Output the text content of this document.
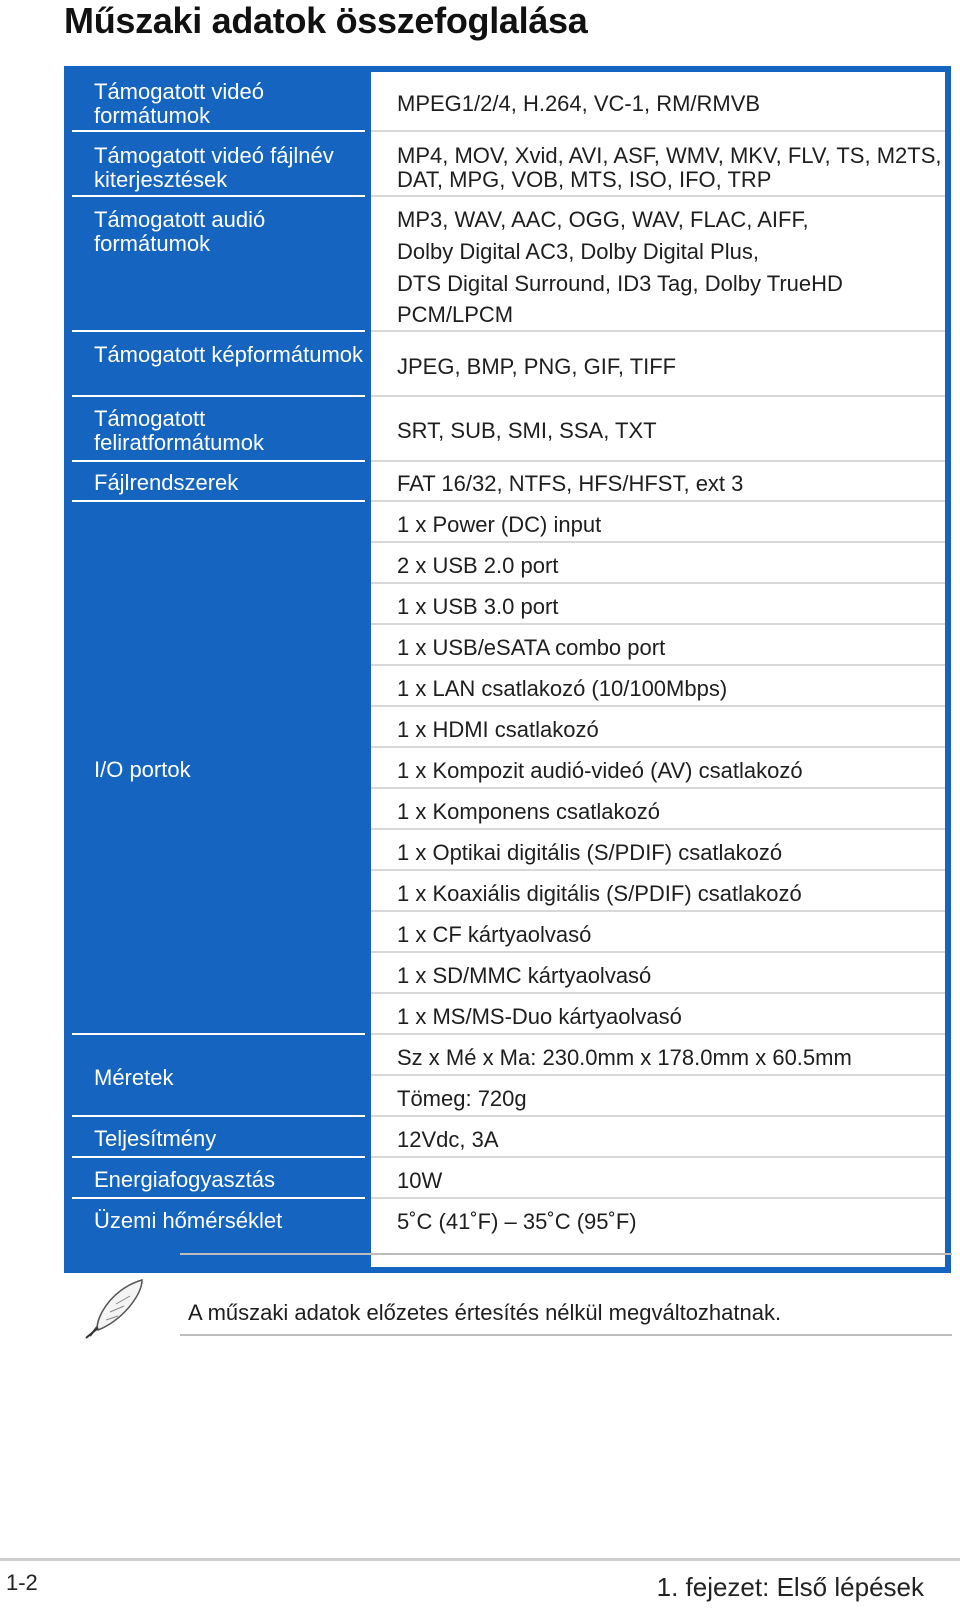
Műszaki adatok összefoglalása
Támogatott videó formátumok
Támogatott videó fájlnév kiterjesztések
Támogatott audió formátumok
Támogatott képformátumok
Támogatott feliratformátumok
Fájlrendszerek
I/O portok
Méretek
Teljesítmény
Energiafogyasztás
Üzemi hőmérséklet
MPEG1/2/4, H.264, VC-1, RM/RMVB
MP4, MOV, Xvid, AVI, ASF, WMV, MKV, FLV, TS, M2TS, DAT, MPG, VOB, MTS, ISO, IFO, TRP
MP3, WAV, AAC, OGG, WAV, FLAC, AIFF,
Dolby Digital AC3, Dolby Digital Plus,
DTS Digital Surround, ID3 Tag, Dolby TrueHD
PCM/LPCM
JPEG, BMP, PNG, GIF, TIFF
SRT, SUB, SMI, SSA, TXT
FAT 16/32, NTFS, HFS/HFST, ext 3
1 x Power (DC) input
2 x USB 2.0 port
1 x USB 3.0 port
1 x USB/eSATA combo port
1 x LAN csatlakozó (10/100Mbps)
1 x HDMI csatlakozó
1 x Kompozit audió-videó (AV) csatlakozó
1 x Komponens csatlakozó
1 x Optikai digitális (S/PDIF) csatlakozó
1 x Koaxiális digitális (S/PDIF) csatlakozó
1 x CF kártyaolvasó
1 x SD/MMC kártyaolvasó
1 x MS/MS-Duo kártyaolvasó
Sz x Mé x Ma: 230.0mm x 178.0mm x 60.5mm
Tömeg: 720g
12Vdc, 3A
10W
5˚C (41˚F) – 35˚C (95˚F)
A műszaki adatok előzetes értesítés nélkül megváltozhatnak.
1-2	1. fejezet: Első lépések
